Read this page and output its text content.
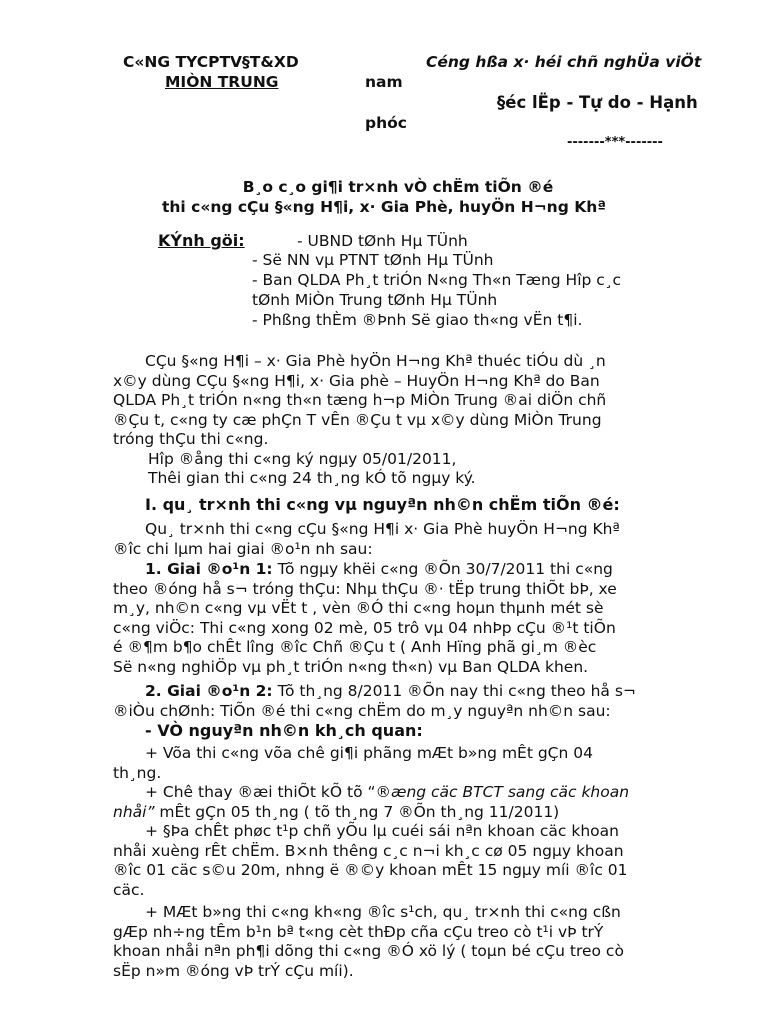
C«NG TYCPTV§T&XD
MIÒN TRUNG
Céng hßa x· héi chñ nghÜa viÖt
nam
§éc lËp - Tự do - Hạnh
phóc
-------***-------
B¸o c¸o gi¶i tr×nh vÒ chËm tiÕn ®é
thi c«ng cÇu §«ng H¶i, x· Gia Phè, huyÖn H¬ng Khª
KÝnh göi:	- UBND tØnh Hµ TÜnh
- Së NN vµ PTNT tØnh Hµ TÜnh
- Ban QLDA Ph¸t triÓn N«ng Th«n Tæng Hîp c¸c
tØnh MiÒn Trung tØnh Hµ TÜnh
- Phßng thÈm ®Þnh Së giao th«ng vËn t¶i.
CÇu §«ng H¶i – x· Gia Phè hyÖn H¬ng Khª thuéc tiÓu dù ¸n
x©y dùng CÇu §«ng H¶i, x· Gia phè – HuyÖn H¬ng Khª do Ban
QLDA Ph¸t triÓn n«ng th«n tæng h¬p MiÒn Trung ®ai diÖn chñ
®Çu t, c«ng ty cæ phÇn T vÊn ®Çu t vµ x©y dùng MiÒn Trung
tróng thÇu thi c«ng.
Hîp ®ång thi c«ng ký ngµy 05/01/2011,
Thêi gian thi c«ng 24 th¸ng kÓ tõ ngµy ký.
I. qu¸ tr×nh thi c«ng vµ nguyªn nh©n chËm tiÕn ®é:
Qu¸ tr×nh thi c«ng cÇu §«ng H¶i x· Gia Phè huyÖn H¬ng Khª
®îc chi lµm hai giai ®o¹n nh sau:
1. Giai ®o¹n 1: Tõ ngµy khëi c«ng ®Õn 30/7/2011 thi c«ng
theo ®óng hå s¬ tróng thÇu: Nhµ thÇu ®· tËp trung thiÕt bÞ, xe
m¸y, nh©n c«ng vµ vËt t , vèn ®Ó thi c«ng hoµn thµnh mét sè
c«ng viÖc: Thi c«ng xong 02 mè, 05 trô vµ 04 nhÞp cÇu ®¹t tiÕn
é ®¶m b¶o chÊt lîng ®îc Chñ ®Çu t ( Anh Hïng phã gi¸m ®èc
Së n«ng nghiÖp vµ ph¸t triÓn n«ng th«n) vµ Ban QLDA khen.
2. Giai ®o¹n 2: Tõ th¸ng 8/2011 ®Õn nay thi c«ng theo hå s¬
®iÒu chØnh: TiÕn ®é thi c«ng chËm do m¸y nguyªn nh©n sau:
- VÒ nguyªn nh©n kh¸ch quan:
+ Võa thi c«ng võa chê gi¶i phãng mÆt b»ng mÊt gÇn 04
th¸ng.
+ Chê thay ®æi thiÕt kÕ tõ “®æng cäc BTCT sang cäc khoan
nhåi” mÊt gÇn 05 th¸ng ( tõ th¸ng 7 ®Õn th¸ng 11/2011)
+ §Þa chÊt phøc t¹p chñ yÕu lµ cuéi sái nªn khoan cäc khoan
nhåi xuèng rÊt chËm. B×nh thêng c¸c n¬i kh¸c cø 05 ngµy khoan
®îc 01 cäc s©u 20m, nhng ë ®©y khoan mÊt 15 ngµy míi ®îc 01
cäc.
+ MÆt b»ng thi c«ng kh«ng ®îc s¹ch, qu¸ tr×nh thi c«ng cßn
gÆp nh÷ng tÊm b¹n bª t«ng cèt thÐp cña cÇu treo cò t¹i vÞ trÝ
khoan nhåi nªn ph¶i dõng thi c«ng ®Ó xö lý ( toµn bé cÇu treo cò
sËp n»m ®óng vÞ trÝ cÇu míi).
